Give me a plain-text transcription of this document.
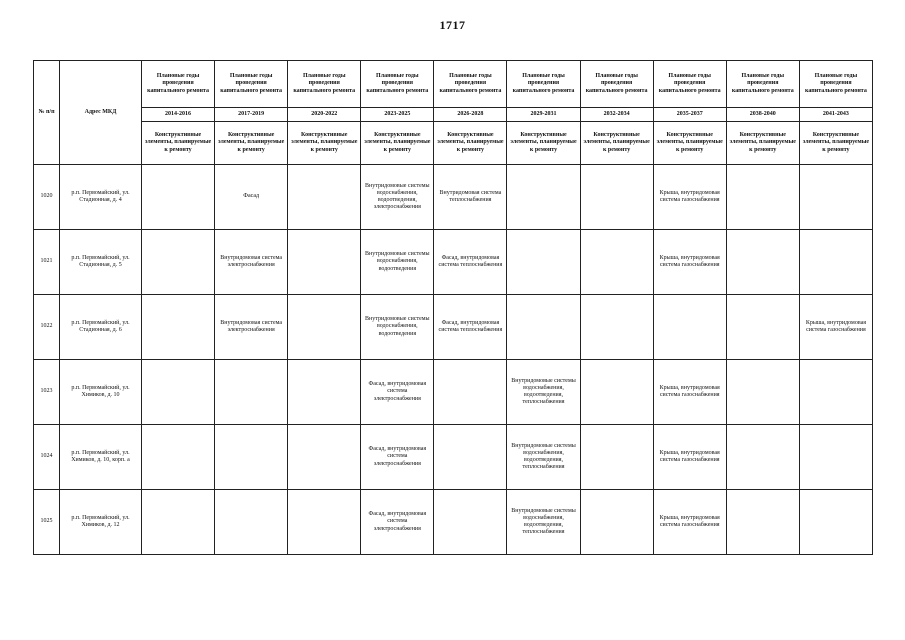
1717
№ п/п	Адрес МКД	Плановые годы проведения капитального ремонта	Плановые годы проведения капитального ремонта	Плановые годы проведения капитального ремонта	Плановые годы проведения капитального ремонта	Плановые годы проведения капитального ремонта	Плановые годы проведения капитального ремонта	Плановые годы проведения капитального ремонта	Плановые годы проведения капитального ремонта	Плановые годы проведения капитального ремонта	Плановые годы проведения капитального ремонта
		2014-2016	2017-2019	2020-2022	2023-2025	2026-2028	2029-2031	2032-2034	2035-2037	2038-2040	2041-2043
		Конструктивные элементы, планируемые к ремонту	Конструктивные элементы, планируемые к ремонту	Конструктивные элементы, планируемые к ремонту	Конструктивные элементы, планируемые к ремонту	Конструктивные элементы, планируемые к ремонту	Конструктивные элементы, планируемые к ремонту	Конструктивные элементы, планируемые к ремонту	Конструктивные элементы, планируемые к ремонту	Конструктивные элементы, планируемые к ремонту	Конструктивные элементы, планируемые к ремонту
1020	р.п. Первомайский, ул. Стадионная, д. 4		Фасад		Внутридомовые системы водоснабжения, водоотведения, электроснабжения	Внутридомовая система теплоснабжения			Крыша, внутридомовая система газоснабжения		
1021	р.п. Первомайский, ул. Стадионная, д. 5		Внутридомовая система электроснабжения		Внутридомовые системы водоснабжения, водоотведения	Фасад, внутридомовая система теплоснабжения			Крыша, внутридомовая система газоснабжения		
1022	р.п. Первомайский, ул. Стадионная, д. 6		Внутридомовая система электроснабжения		Внутридомовые системы водоснабжения, водоотведения	Фасад, внутридомовая система теплоснабжения					Крыша, внутридомовая система газоснабжения
1023	р.п. Первомайский, ул. Химиков, д. 10				Фасад, внутридомовая система электроснабжения		Внутридомовые системы водоснабжения, водоотведения, теплоснабжения		Крыша, внутридомовая система газоснабжения		
1024	р.п. Первомайский, ул. Химиков, д. 10, корп. а				Фасад, внутридомовая система электроснабжения		Внутридомовые системы водоснабжения, водоотведения, теплоснабжения		Крыша, внутридомовая система газоснабжения		
1025	р.п. Первомайский, ул. Химиков, д. 12				Фасад, внутридомовая система электроснабжения		Внутридомовые системы водоснабжения, водоотведения, теплоснабжения		Крыша, внутридомовая система газоснабжения		
